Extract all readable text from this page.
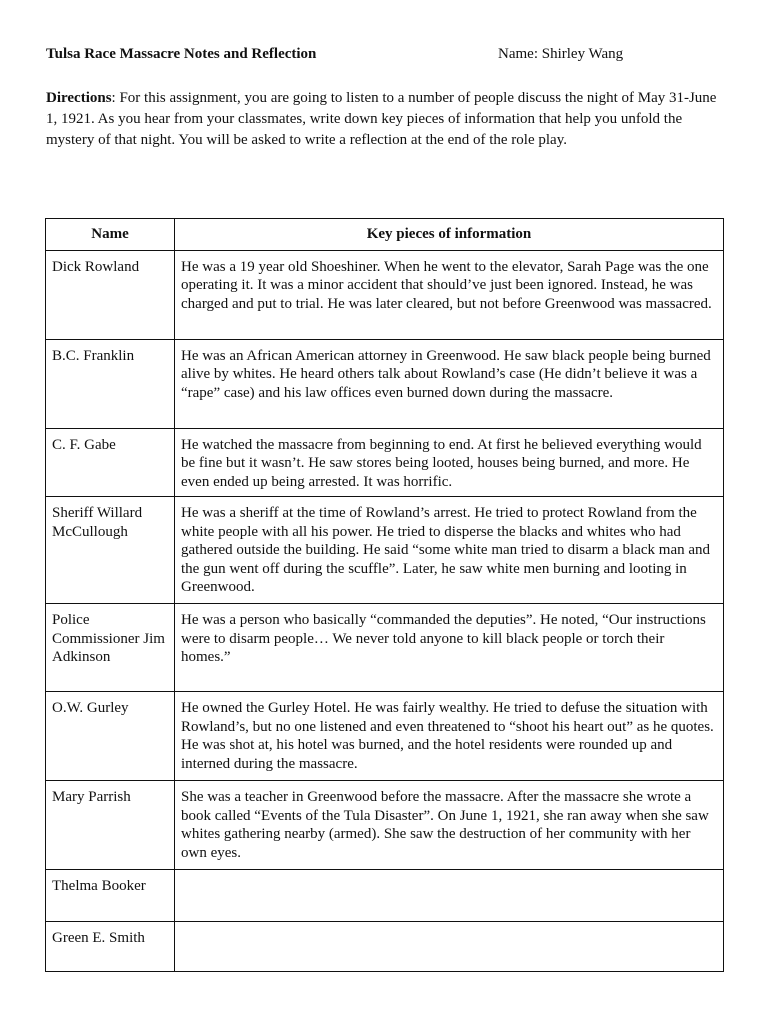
Tulsa Race Massacre Notes and Reflection	Name: Shirley Wang
Directions: For this assignment, you are going to listen to a number of people discuss the night of May 31-June 1, 1921. As you hear from your classmates, write down key pieces of information that help you unfold the mystery of that night. You will be asked to write a reflection at the end of the role play.
Name	Key pieces of information
Dick Rowland	He was a 19 year old Shoeshiner. When he went to the elevator, Sarah Page was the one operating it. It was a minor accident that should’ve just been ignored. Instead, he was charged and put to trial. He was later cleared, but not before Greenwood was massacred.
B.C. Franklin	He was an African American attorney in Greenwood. He saw black people being burned alive by whites. He heard others talk about Rowland’s case (He didn’t believe it was a “rape” case) and his law offices even burned down during the massacre.
C. F. Gabe	He watched the massacre from beginning to end. At first he believed everything would be fine but it wasn’t. He saw stores being looted, houses being burned, and more. He even ended up being arrested. It was horrific.
Sheriff Willard McCullough	He was a sheriff at the time of Rowland’s arrest. He tried to protect Rowland from the white people with all his power. He tried to disperse the blacks and whites who had gathered outside the building. He said “some white man tried to disarm a black man and the gun went off during the scuffle”. Later, he saw white men burning and looting in Greenwood.
Police Commissioner Jim Adkinson	He was a person who basically “commanded the deputies”. He noted, “Our instructions were to disarm people… We never told anyone to kill black people or torch their homes.”
O.W. Gurley	He owned the Gurley Hotel. He was fairly wealthy. He tried to defuse the situation with Rowland’s, but no one listened and even threatened to “shoot his heart out” as he quotes. He was shot at, his hotel was burned, and the hotel residents were rounded up and interned during the massacre.
Mary Parrish	She was a teacher in Greenwood before the massacre. After the massacre she wrote a book called “Events of the Tula Disaster”. On June 1, 1921, she ran away when she saw whites gathering nearby (armed). She saw the destruction of her community with her own eyes.
Thelma Booker	
Green E. Smith	
